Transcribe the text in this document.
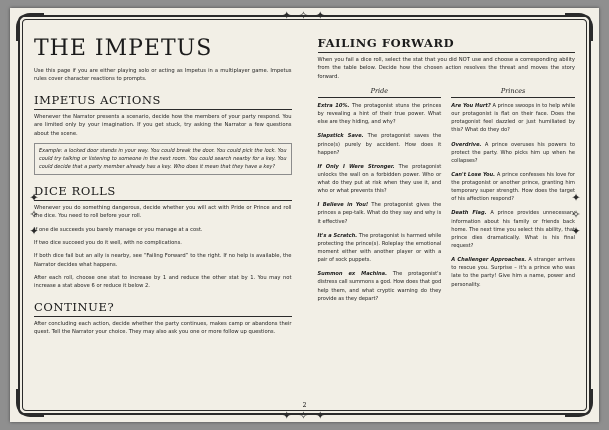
✦ ✧ ✦
✦ ✧ ✦
✦ ✧ ✦	✦ ✧ ✦
THE IMPETUS

Use this page if you are either playing solo or acting as Impetus in a multiplayer game. Impetus rules cover character reactions to prompts.

IMPETUS ACTIONS

Whenever the Narrator presents a scenario, decide how the members of your party respond. You are limited only by your imagination. If you get stuck, try asking the Narrator a few questions about the scene.

Example: a locked door stands in your way. You could break the door. You could pick the lock. You could try talking or listening to someone in the next room. You could search nearby for a key. You could decide that a party member already has a key. Who does it mean that they have a key?
DICE ROLLS

Whenever you do something dangerous, decide whether you will act with Pride or Prince and roll the dice. You need to roll before your roll.

If one die succeeds you barely manage or you manage at a cost.

If two dice succeed you do it well, with no complications.

If both dice fail but an ally is nearby, see “Failing Forward” to the right. If no help is available, the Narrator decides what happens.

After each roll, choose one stat to increase by 1 and reduce the other stat by 1. You may not increase a stat above 6 or reduce it below 2.

CONTINUE?

After concluding each action, decide whether the party continues, makes camp or abandons their quest. Tell the Narrator your choice. They may also ask you one or more follow up questions.

FAILING FORWARD

When you fail a dice roll, select the stat that you did NOT use and choose a corresponding ability from the table below. Decide how the chosen action resolves the threat and moves the story forward.

Pride

Extra 10%. The protagonist stuns the princes by revealing a hint of their true power. What else are they hiding, and why?

Slapstick Save. The protagonist saves the prince(s) purely by accident. How does it happen?

If Only I Were Stronger. The protagonist unlocks the wall on a forbidden power. Who or what do they put at risk when they use it, and who or what prevents this?

I Believe in You! The protagonist gives the princes a pep-talk. What do they say and why is it effective?

It's a Scratch. The protagonist is harmed while protecting the prince(s). Roleplay the emotional moment either with another player or with a pair of sock puppets.

Summon ex Machina. The protagonist's distress call summons a god. How does that god help them, and what cryptic warning do they provide as they depart?

Princes

Are You Hurt? A prince swoops in to help while our protagonist is flat on their face. Does the protagonist feel dazzled or just humiliated by this? What do they do?

Overdrive. A prince overuses his powers to protect the party. Who picks him up when he collapses?

Can't Lose You. A prince confesses his love for the protagonist or another prince, granting him temporary super strength. How does the target of his affection respond?

Death Flag. A prince provides unnecessary information about his family or friends back home. The next time you select this ability, that prince dies dramatically. What is his final request?

A Challenger Approaches. A stranger arrives to rescue you. Surprise – it's a prince who was late to the party! Give him a name, power and personality.

2
